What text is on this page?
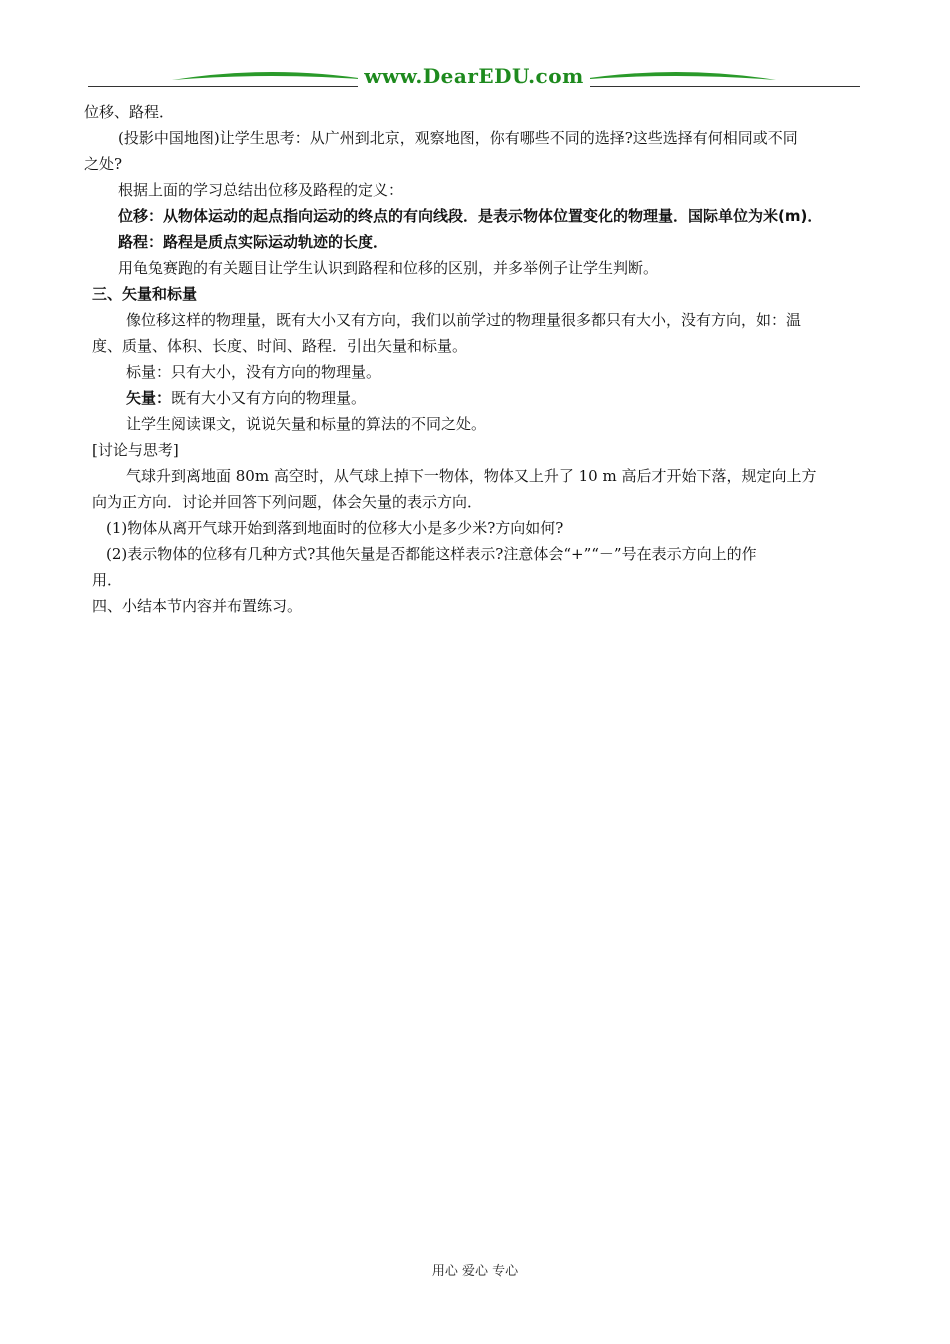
www.DearEDU.com
位移、路程．
(投影中国地图)让学生思考：从广州到北京，观察地图，你有哪些不同的选择?这些选择有何相同或不同
之处?
根据上面的学习总结出位移及路程的定义：
位移：从物体运动的起点指向运动的终点的有向线段．是表示物体位置变化的物理量．国际单位为米(m)．
路程：路程是质点实际运动轨迹的长度．
用龟兔赛跑的有关题目让学生认识到路程和位移的区别，并多举例子让学生判断。
三、矢量和标量
像位移这样的物理量，既有大小又有方向，我们以前学过的物理量很多都只有大小，没有方向，如：温
度、质量、体积、长度、时间、路程．引出矢量和标量。
标量：只有大小，没有方向的物理量。
矢量：既有大小又有方向的物理量。
让学生阅读课文，说说矢量和标量的算法的不同之处。
[讨论与思考]
气球升到离地面 80m 高空时，从气球上掉下一物体，物体又上升了 10 m 高后才开始下落，规定向上方
向为正方向．讨论并回答下列问题，体会矢量的表示方向．
(1)物体从离开气球开始到落到地面时的位移大小是多少米?方向如何?
(2)表示物体的位移有几种方式?其他矢量是否都能这样表示?注意体会“+”“－”号在表示方向上的作
用．
四、小结本节内容并布置练习。
用心 爱心 专心
